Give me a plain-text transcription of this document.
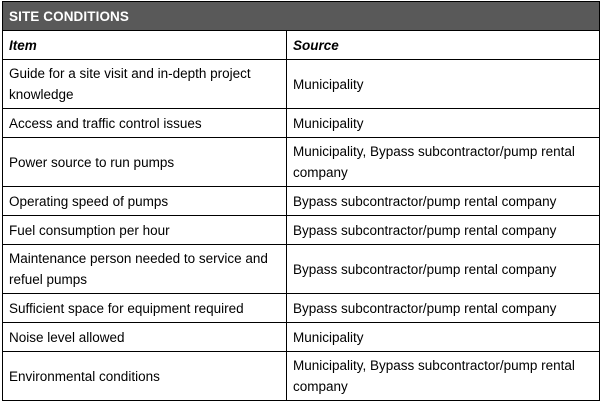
SITE CONDITIONS	
Item	Source
Guide for a site visit and in-depth project knowledge	Municipality
Access and traffic control issues	Municipality
Power source to run pumps	Municipality, Bypass subcontractor/pump rental company
Operating speed of pumps	Bypass subcontractor/pump rental company
Fuel consumption per hour	Bypass subcontractor/pump rental company
Maintenance person needed to service and refuel pumps	Bypass subcontractor/pump rental company
Sufficient space for equipment required	Bypass subcontractor/pump rental company
Noise level allowed	Municipality
Environmental conditions	Municipality, Bypass subcontractor/pump rental company
